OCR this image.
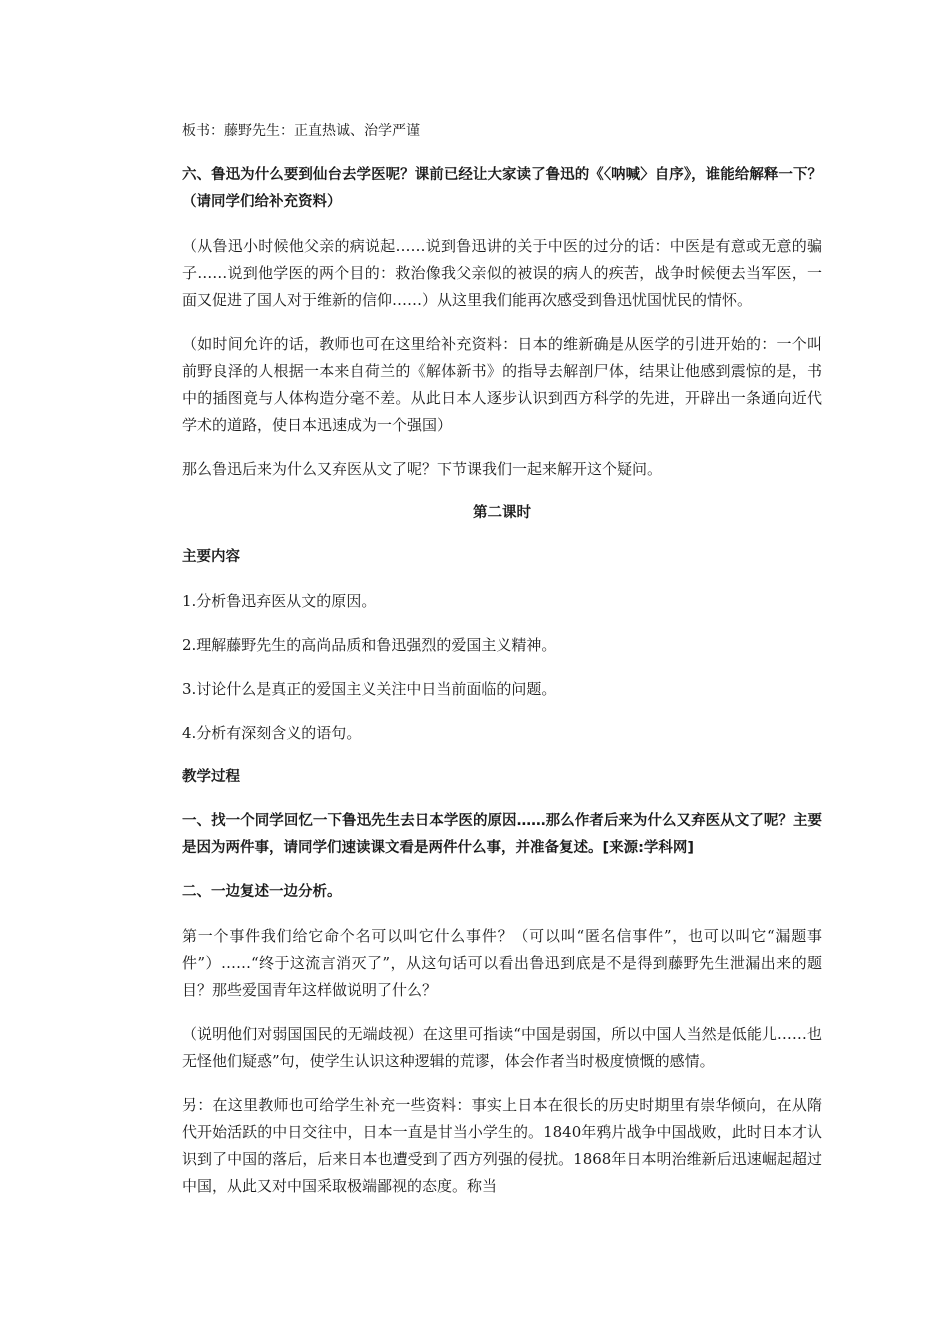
板书：藤野先生：正直热诚、治学严谨

六、鲁迅为什么要到仙台去学医呢？课前已经让大家读了鲁迅的《〈呐喊〉自序》，谁能给解释一下？（请同学们给补充资料）

（从鲁迅小时候他父亲的病说起……说到鲁迅讲的关于中医的过分的话：中医是有意或无意的骗子……说到他学医的两个目的：救治像我父亲似的被误的病人的疾苦，战争时候便去当军医，一面又促进了国人对于维新的信仰……）从这里我们能再次感受到鲁迅忧国忧民的情怀。

（如时间允许的话，教师也可在这里给补充资料：日本的维新确是从医学的引进开始的：一个叫前野良泽的人根据一本来自荷兰的《解体新书》的指导去解剖尸体，结果让他感到震惊的是，书中的插图竟与人体构造分毫不差。从此日本人逐步认识到西方科学的先进，开辟出一条通向近代学术的道路，使日本迅速成为一个强国）

那么鲁迅后来为什么又弃医从文了呢？下节课我们一起来解开这个疑问。

第二课时

主要内容

1.分析鲁迅弃医从文的原因。

2.理解藤野先生的高尚品质和鲁迅强烈的爱国主义精神。

3.讨论什么是真正的爱国主义关注中日当前面临的问题。

4.分析有深刻含义的语句。

教学过程

一、找一个同学回忆一下鲁迅先生去日本学医的原因……那么作者后来为什么又弃医从文了呢？主要是因为两件事，请同学们速读课文看是两件什么事，并准备复述。[来源:学科网]

二、一边复述一边分析。

第一个事件我们给它命个名可以叫它什么事件？（可以叫“匿名信事件”，也可以叫它“漏题事件”）……“终于这流言消灭了”，从这句话可以看出鲁迅到底是不是得到藤野先生泄漏出来的题目？那些爱国青年这样做说明了什么？

（说明他们对弱国国民的无端歧视）在这里可指读“中国是弱国，所以中国人当然是低能儿……也无怪他们疑惑”句，使学生认识这种逻辑的荒谬，体会作者当时极度愤慨的感情。

另：在这里教师也可给学生补充一些资料：事实上日本在很长的历史时期里有崇华倾向，在从隋代开始活跃的中日交往中，日本一直是甘当小学生的。1840年鸦片战争中国战败，此时日本才认识到了中国的落后，后来日本也遭受到了西方列强的侵扰。1868年日本明治维新后迅速崛起超过中国，从此又对中国采取极端鄙视的态度。称当
